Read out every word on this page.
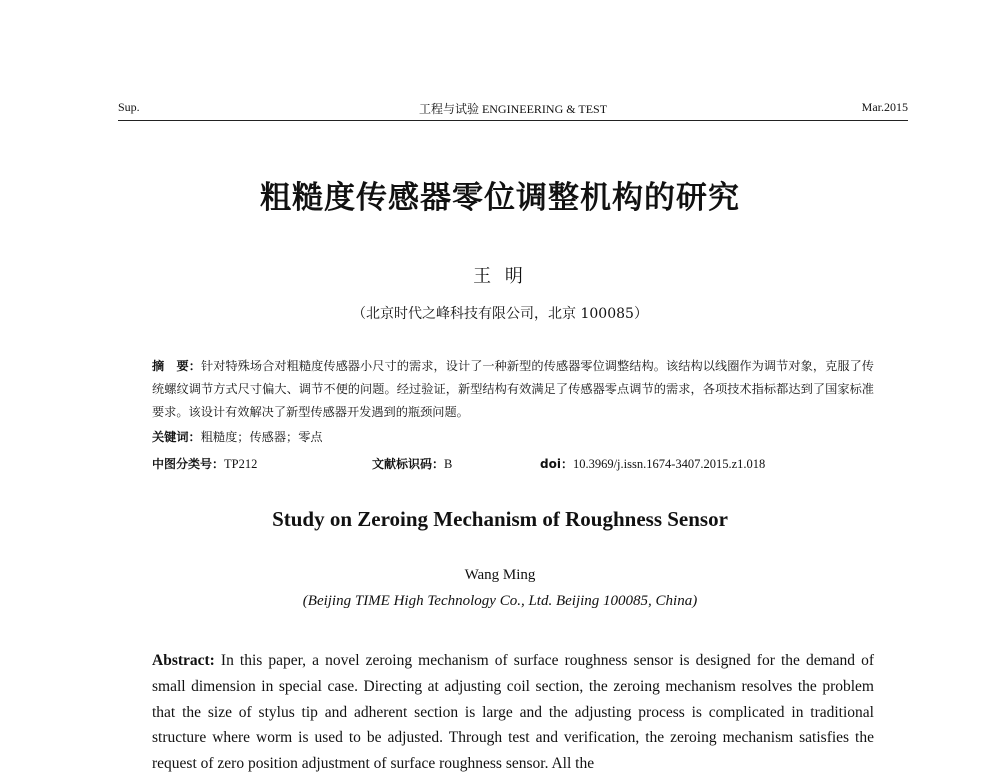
Sup.	工程与试验 ENGINEERING & TEST	Mar.2015
粗糙度传感器零位调整机构的研究
王 明
（北京时代之峰科技有限公司，北京 100085）
摘　要：针对特殊场合对粗糙度传感器小尺寸的需求，设计了一种新型的传感器零位调整结构。该结构以线圈作为调节对象，克服了传统螺纹调节方式尺寸偏大、调节不便的问题。经过验证，新型结构有效满足了传感器零点调节的需求，各项技术指标都达到了国家标准要求。该设计有效解决了新型传感器开发遇到的瓶颈问题。
关键词：粗糙度；传感器；零点
中图分类号：TP212	文献标识码：B	doi：10.3969/j.issn.1674-3407.2015.z1.018
Study on Zeroing Mechanism of Roughness Sensor
Wang Ming
(Beijing TIME High Technology Co., Ltd. Beijing 100085, China)
Abstract: In this paper, a novel zeroing mechanism of surface roughness sensor is designed for the demand of small dimension in special case. Directing at adjusting coil section, the zeroing mechanism resolves the problem that the size of stylus tip and adherent section is large and the adjusting process is complicated in traditional structure where worm is used to be adjusted. Through test and verification, the zeroing mechanism satisfies the request of zero position adjustment of surface roughness sensor. All the
